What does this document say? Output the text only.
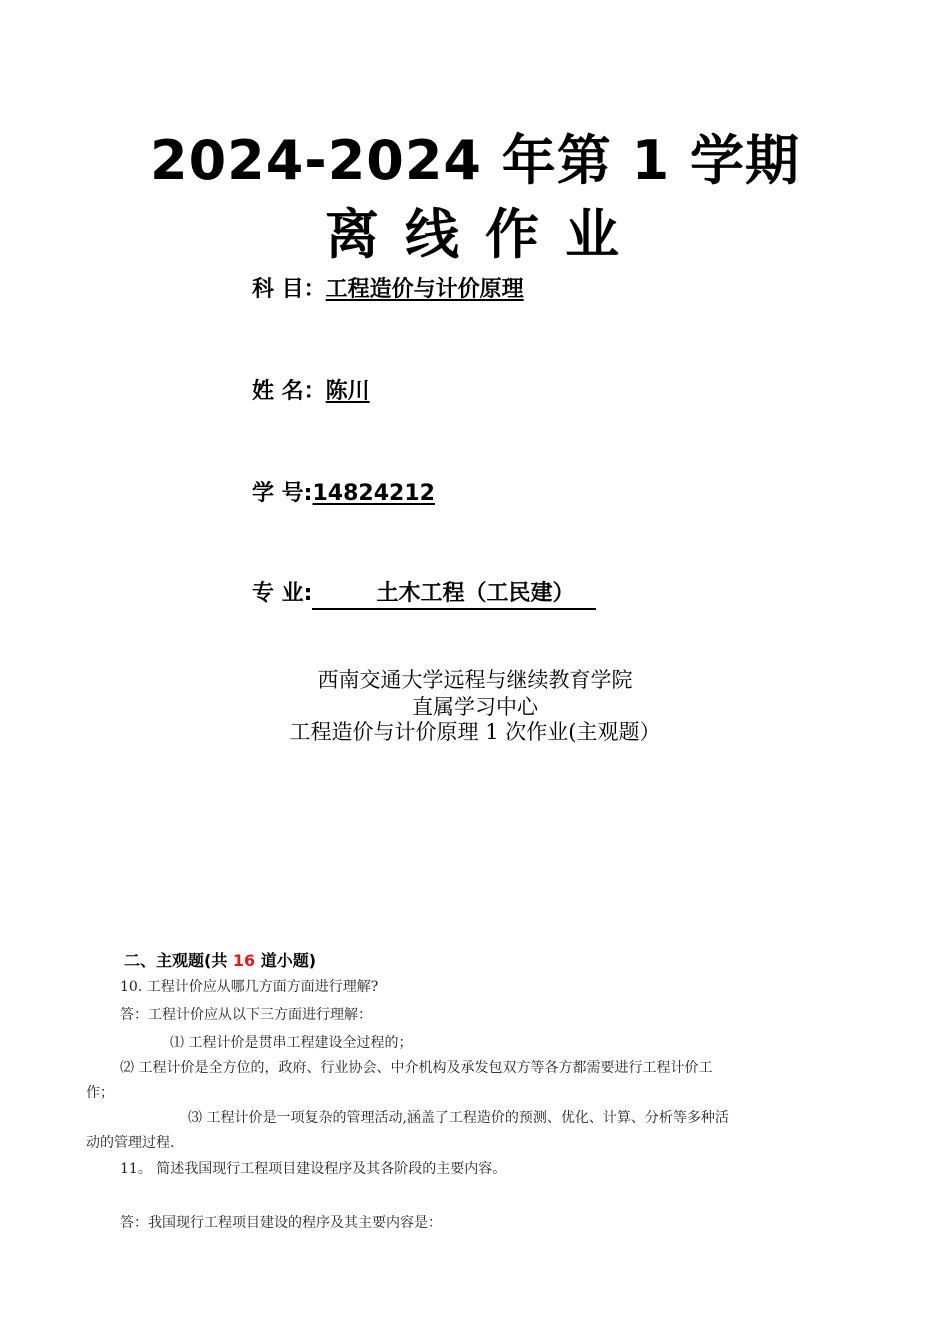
2024-2024 年第 1 学期
离线作业
科 目：工程造价与计价原理
姓 名：陈川
学 号:14824212
专 业:	土木工程（工民建）
西南交通大学远程与继续教育学院
直属学习中心
工程造价与计价原理 1 次作业(主观题）
二、主观题(共 16 道小题)
10. 工程计价应从哪几方面方面进行理解?
答：工程计价应从以下三方面进行理解：
⑴ 工程计价是贯串工程建设全过程的；
⑵ 工程计价是全方位的，政府、行业协会、中介机构及承发包双方等各方都需要进行工程计价工
作；
⑶ 工程计价是一项复杂的管理活动,涵盖了工程造价的预测、优化、计算、分析等多种活
动的管理过程.
11。 简述我国现行工程项目建设程序及其各阶段的主要内容。
答：我国现行工程项目建设的程序及其主要内容是：
